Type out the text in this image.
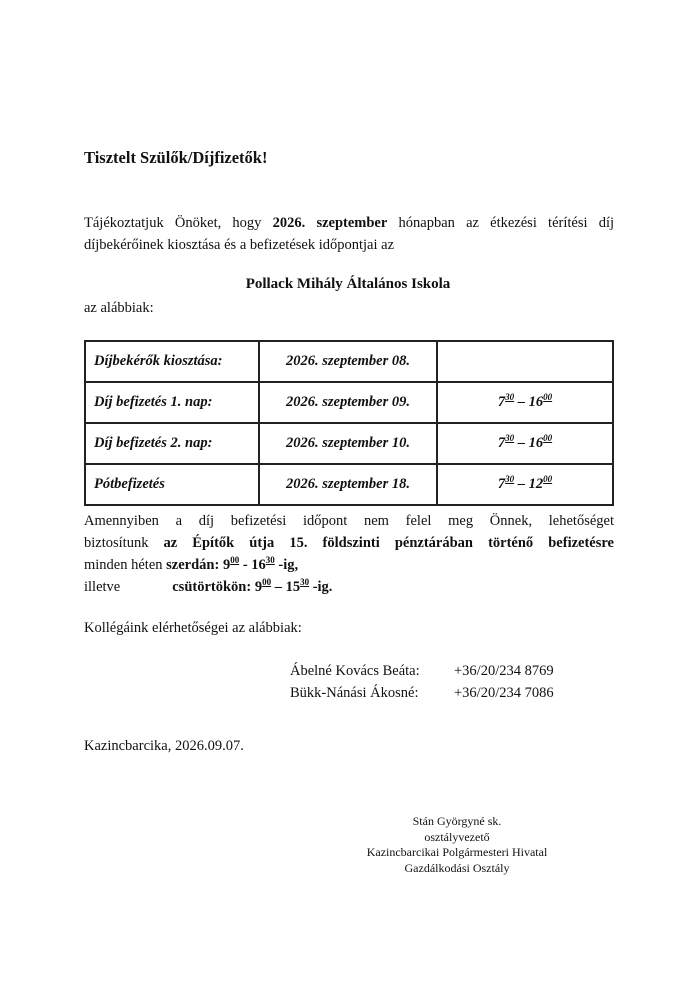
Tisztelt Szülők/Díjfizetők!
Tájékoztatjuk Önöket, hogy 2026. szeptember hónapban az étkezési térítési díj
díjbekérőinek kiosztása és a befizetések időpontjai az
Pollack Mihály Általános Iskola
az alábbiak:
Díjbekérők kiosztása:	2026. szeptember 08.	
Díj befizetés 1. nap:	2026. szeptember 09.	$7^{30} - 16^{00}$
Díj befizetés 2. nap:	2026. szeptember 10.	$7^{30} - 16^{00}$
Pótbefizetés	2026. szeptember 18.	$7^{30} - 12^{00}$
Amennyiben a díj befizetési időpont nem felel meg Önnek, lehetőséget
biztosítunk az Építők útja 15. földszinti pénztárában történő befizetésre
minden héten szerdán: $9^{00} - 16^{30}$ -ig,
illetve	csütörtökön: $9^{00} - 15^{30}$ -ig.
Kollégáink elérhetőségei az alábbiak:
Ábelné Kovács Beáta:	+36/20/234 8769
Bükk-Nánási Ákosné:	+36/20/234 7086
Kazincbarcika, 2026.09.07.
Stán Györgyné sk.
osztályvezető
Kazincbarcikai Polgármesteri Hivatal
Gazdálkodási Osztály
